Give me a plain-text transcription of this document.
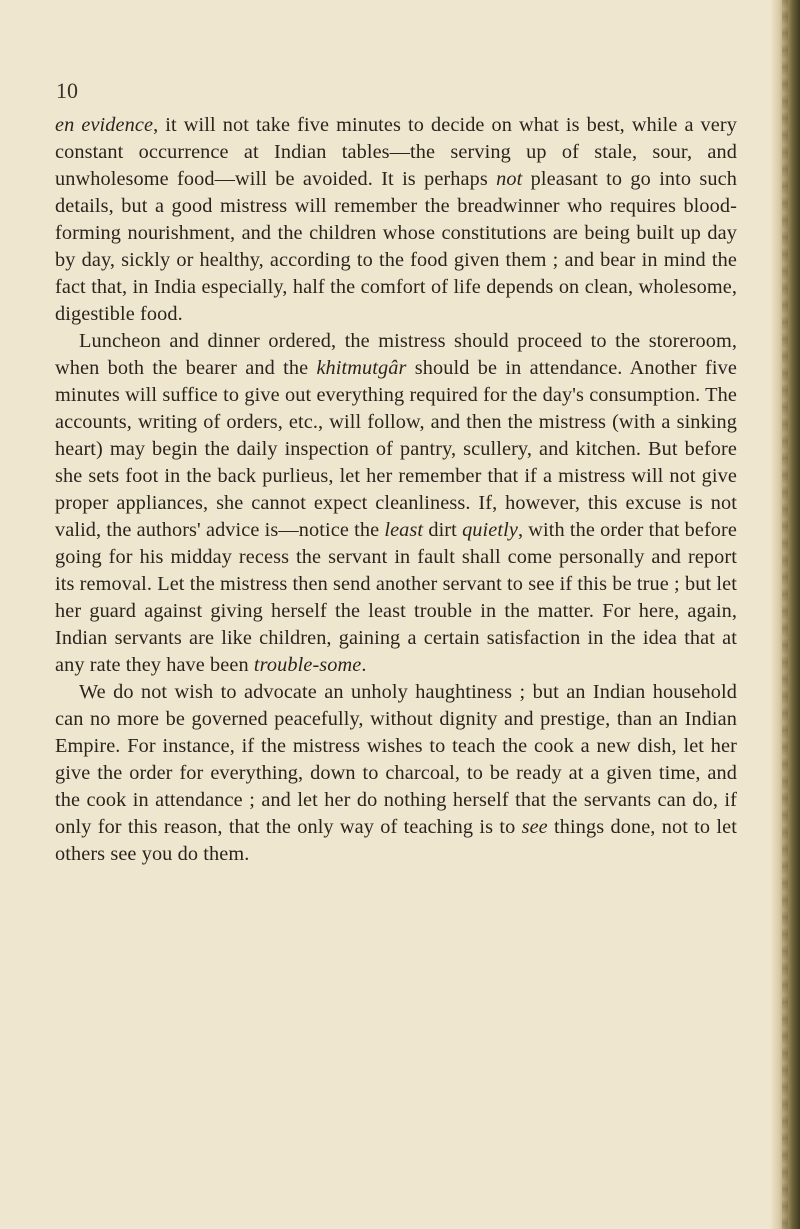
10

en evidence, it will not take five minutes to decide on what is best, while a very constant occurrence at Indian tables—the serving up of stale, sour, and unwholesome food—will be avoided. It is perhaps not pleasant to go into such details, but a good mistress will remember the breadwinner who requires blood-forming nourishment, and the children whose constitutions are being built up day by day, sickly or healthy, according to the food given them ; and bear in mind the fact that, in India especially, half the comfort of life depends on clean, wholesome, digestible food.

Luncheon and dinner ordered, the mistress should proceed to the storeroom, when both the bearer and the khitmutgâr should be in attendance. Another five minutes will suffice to give out everything required for the day's consumption. The accounts, writing of orders, etc., will follow, and then the mistress (with a sinking heart) may begin the daily inspection of pantry, scullery, and kitchen. But before she sets foot in the back purlieus, let her remember that if a mistress will not give proper appliances, she cannot expect cleanliness. If, however, this excuse is not valid, the authors' advice is—notice the least dirt quietly, with the order that before going for his midday recess the servant in fault shall come personally and report its removal. Let the mistress then send another servant to see if this be true ; but let her guard against giving herself the least trouble in the matter. For here, again, Indian servants are like children, gaining a certain satisfaction in the idea that at any rate they have been trouble-some.

We do not wish to advocate an unholy haughtiness ; but an Indian household can no more be governed peacefully, without dignity and prestige, than an Indian Empire. For instance, if the mistress wishes to teach the cook a new dish, let her give the order for everything, down to charcoal, to be ready at a given time, and the cook in attendance ; and let her do nothing herself that the servants can do, if only for this reason, that the only way of teaching is to see things done, not to let others see you do them.
